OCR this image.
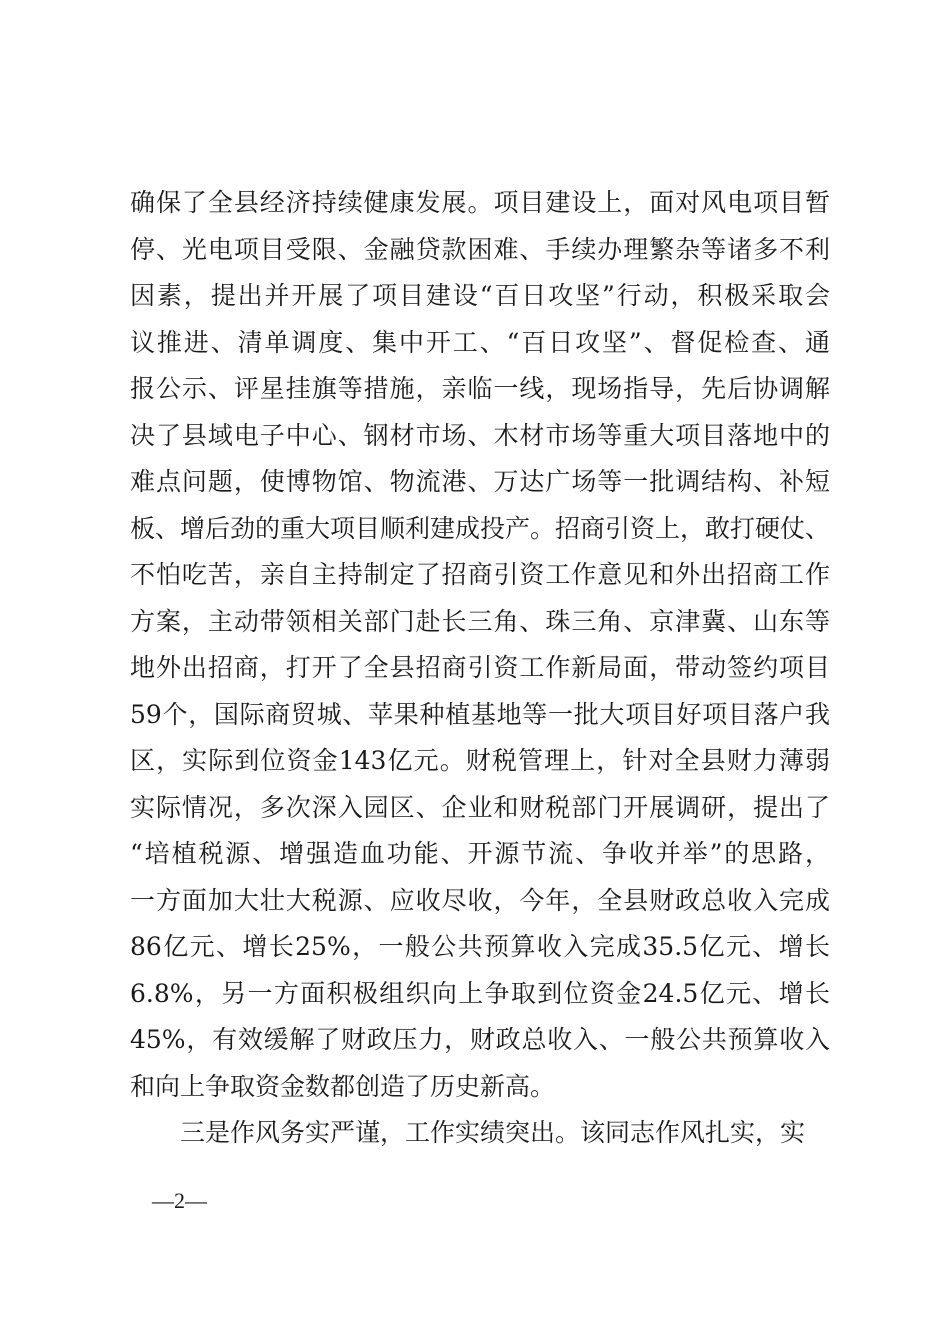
确保了全县经济持续健康发展。项目建设上，面对风电项目暂
停、光电项目受限、金融贷款困难、手续办理繁杂等诸多不利
因素，提出并开展了项目建设“百日攻坚”行动，积极采取会
议推进、清单调度、集中开工、“百日攻坚”、督促检查、通
报公示、评星挂旗等措施，亲临一线，现场指导，先后协调解
决了县域电子中心、钢材市场、木材市场等重大项目落地中的
难点问题，使博物馆、物流港、万达广场等一批调结构、补短
板、增后劲的重大项目顺利建成投产。招商引资上，敢打硬仗、
不怕吃苦，亲自主持制定了招商引资工作意见和外出招商工作
方案，主动带领相关部门赴长三角、珠三角、京津冀、山东等
地外出招商，打开了全县招商引资工作新局面，带动签约项目
59个，国际商贸城、苹果种植基地等一批大项目好项目落户我
区，实际到位资金143亿元。财税管理上，针对全县财力薄弱
实际情况，多次深入园区、企业和财税部门开展调研，提出了
“培植税源、增强造血功能、开源节流、争收并举”的思路，
一方面加大壮大税源、应收尽收，今年，全县财政总收入完成
86亿元、增长25%，一般公共预算收入完成35.5亿元、增长
6.8%，另一方面积极组织向上争取到位资金24.5亿元、增长
45%，有效缓解了财政压力，财政总收入、一般公共预算收入
和向上争取资金数都创造了历史新高。
三是作风务实严谨，工作实绩突出。该同志作风扎实，实
—2—
